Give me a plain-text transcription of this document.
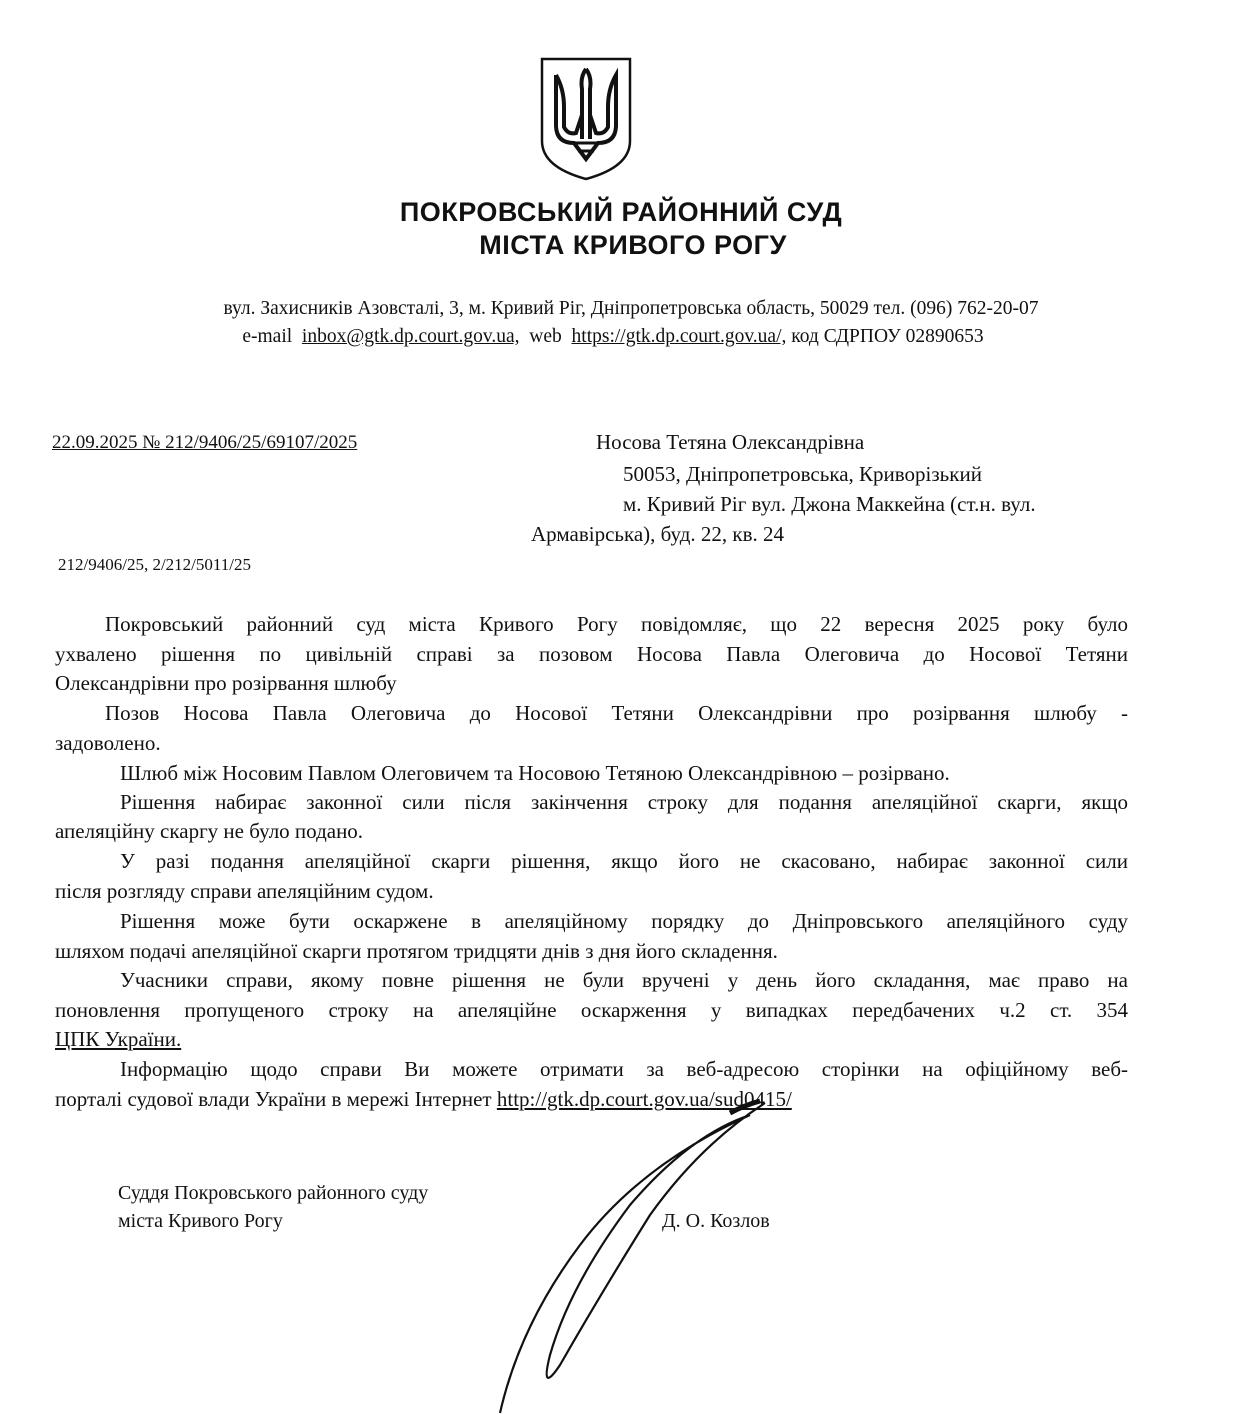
ПОКРОВСЬКИЙ РАЙОННИЙ СУД
МІСТА КРИВОГО РОГУ
вул. Захисників Азовсталі, 3, м. Кривий Ріг, Дніпропетровська область, 50029 тел. (096) 762-20-07
e-mail inbox@gtk.dp.court.gov.ua, web https://gtk.dp.court.gov.ua/, код СДРПОУ 02890653
22.09.2025 № 212/9406/25/69107/2025
212/9406/25, 2/212/5011/25
Носова Тетяна Олександрівна
50053, Дніпропетровська, Криворізький
м. Кривий Ріг вул. Джона Маккейна (ст.н. вул.
Армавірська), буд. 22, кв. 24
Покровський районний суд міста Кривого Рогу повідомляє, що 22 вересня 2025 року було
ухвалено рішення по цивільній справі за позовом Носова Павла Олеговича до Носової Тетяни
Олександрівни про розірвання шлюбу
Позов Носова Павла Олеговича до Носової Тетяни Олександрівни про розірвання шлюбу -
задоволено.
Шлюб між Носовим Павлом Олеговичем та Носовою Тетяною Олександрівною – розірвано.
Рішення набирає законної сили після закінчення строку для подання апеляційної скарги, якщо
апеляційну скаргу не було подано.
У разі подання апеляційної скарги рішення, якщо його не скасовано, набирає законної сили
після розгляду справи апеляційним судом.
Рішення може бути оскаржене в апеляційному порядку до Дніпровського апеляційного суду
шляхом подачі апеляційної скарги протягом тридцяти днів з дня його складення.
Учасники справи, якому повне рішення не були вручені у день його складання, має право на
поновлення пропущеного строку на апеляційне оскарження у випадках передбачених ч.2 ст. 354
ЦПК України.
Інформацію щодо справи Ви можете отримати за веб-адресою сторінки на офіційному веб-
порталі судової влади України в мережі Інтернет http://gtk.dp.court.gov.ua/sud0415/
Суддя Покровського районного суду
міста Кривого Рогу	Д. О. Козлов
